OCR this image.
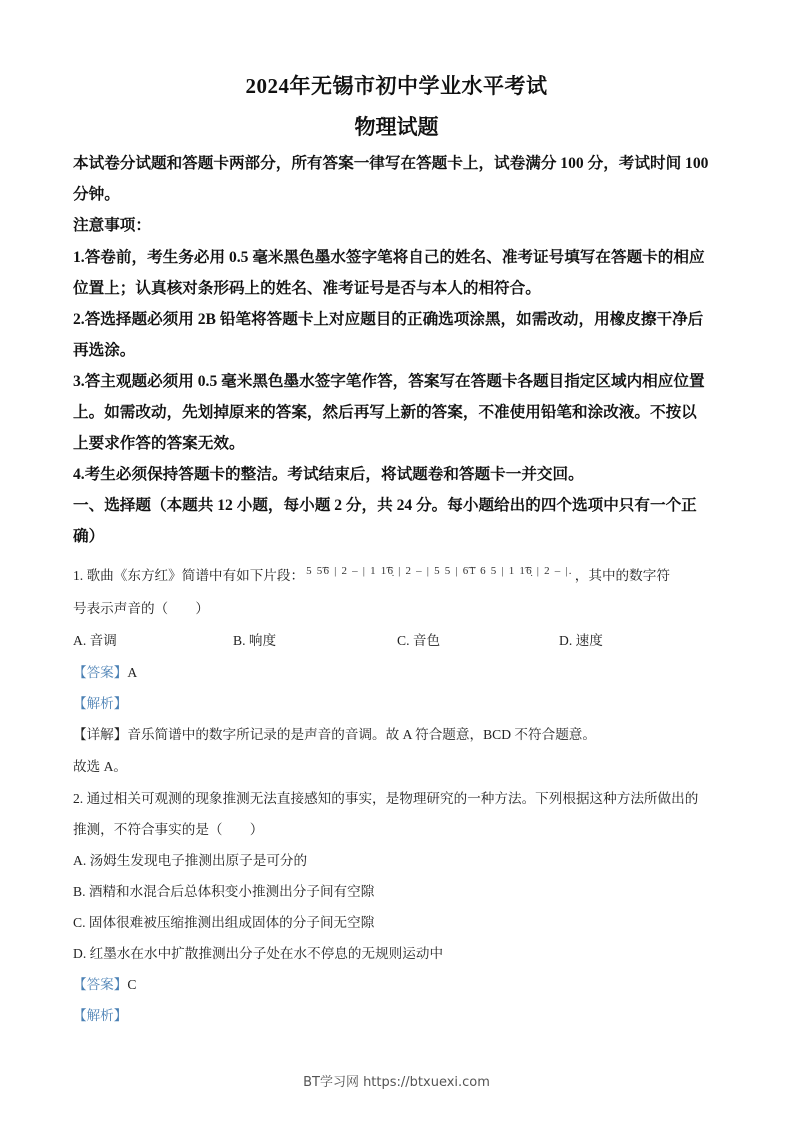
2024年无锡市初中学业水平考试
物理试题
本试卷分试题和答题卡两部分，所有答案一律写在答题卡上，试卷满分 100 分，考试时间 100
分钟。
注意事项：
1.答卷前，考生务必用 0.5 毫米黑色墨水签字笔将自己的姓名、准考证号填写在答题卡的相应
位置上；认真核对条形码上的姓名、准考证号是否与本人的相符合。
2.答选择题必须用 2B 铅笔将答题卡上对应题目的正确选项涂黑，如需改动，用橡皮擦干净后
再选涂。
3.答主观题必须用 0.5 毫米黑色墨水签字笔作答，答案写在答题卡各题目指定区域内相应位置
上。如需改动，先划掉原来的答案，然后再写上新的答案，不准使用铅笔和涂改液。不按以
上要求作答的答案无效。
4.考生必须保持答题卡的整洁。考试结束后，将试题卷和答题卡一并交回。
一、选择题（本题共 12 小题，每小题 2 分，共 24 分。每小题给出的四个选项中只有一个正
确）
1. 歌曲《东方红》简谱中有如下片段： 5 5͡6 | 2 – | 1 1͡6̣ | 2 – | 5 5 | 6͡1̇ 6 5 | 1 1͡6̣ | 2 – |. ，其中的数字符
号表示声音的（　　）
A. 音调	B. 响度	C. 音色	D. 速度
【答案】A
【解析】
【详解】音乐简谱中的数字所记录的是声音的音调。故 A 符合题意，BCD 不符合题意。
故选 A。
2. 通过相关可观测的现象推测无法直接感知的事实，是物理研究的一种方法。下列根据这种方法所做出的
推测，不符合事实的是（　　）
A. 汤姆生发现电子推测出原子是可分的
B. 酒精和水混合后总体积变小推测出分子间有空隙
C. 固体很难被压缩推测出组成固体的分子间无空隙
D. 红墨水在水中扩散推测出分子处在水不停息的无规则运动中
【答案】C
【解析】
BT学习网 https://btxuexi.com
